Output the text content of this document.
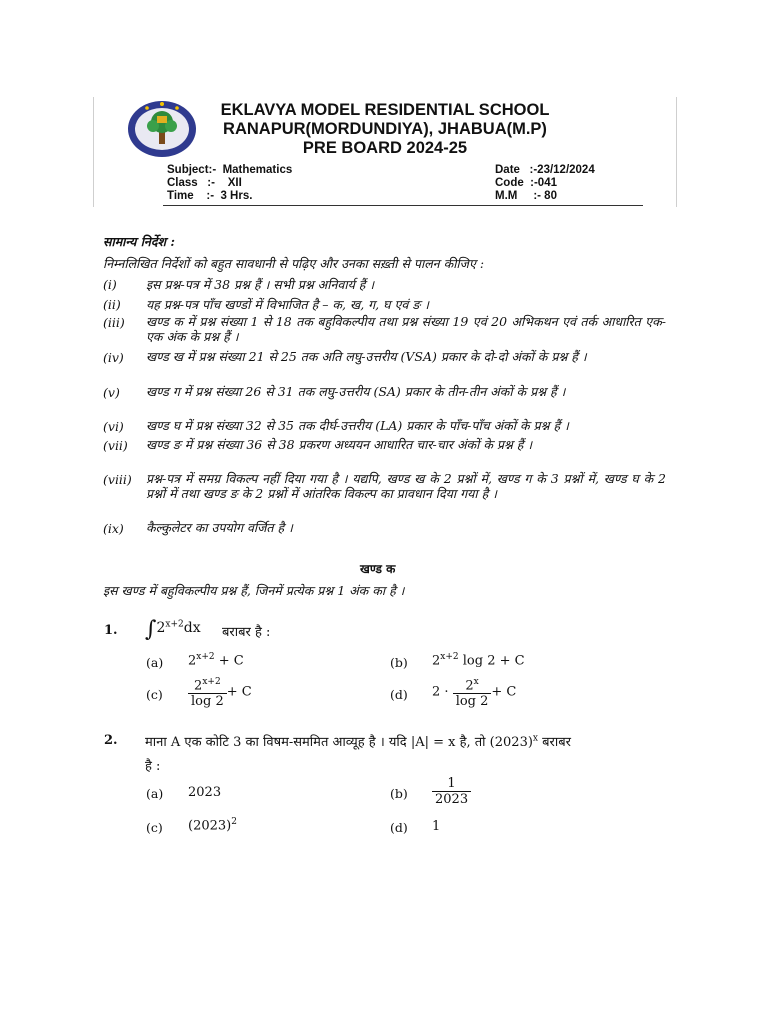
EKLAVYA MODEL RESIDENTIAL SCHOOL
RANAPUR(MORDUNDIYA), JHABUA(M.P)
PRE BOARD 2024-25
Subject:-  Mathematics
Class   :-    XII
Time    :-  3 Hrs.
Date   :-23/12/2024
Code  :-041
M.M     :- 80
सामान्य निर्देश :
निम्नलिखित निर्देशों को बहुत सावधानी से पढ़िए और उनका सख़्ती से पालन कीजिए :
(i) इस प्रश्न-पत्र में 38 प्रश्न हैं । सभी प्रश्न अनिवार्य हैं ।
(ii) यह प्रश्न-पत्र पाँच खण्डों में विभाजित है – क, ख, ग, घ एवं ङ ।
(iii) खण्ड क में प्रश्न संख्या 1 से 18 तक बहुविकल्पीय तथा प्रश्न संख्या 19 एवं 20 अभिकथन एवं तर्क आधारित एक-एक अंक के प्रश्न हैं ।
(iv) खण्ड ख में प्रश्न संख्या 21 से 25 तक अति लघु-उत्तरीय (VSA) प्रकार के दो-दो अंकों के प्रश्न हैं ।
(v) खण्ड ग में प्रश्न संख्या 26 से 31 तक लघु-उत्तरीय (SA) प्रकार के तीन-तीन अंकों के प्रश्न हैं ।
(vi) खण्ड घ में प्रश्न संख्या 32 से 35 तक दीर्घ-उत्तरीय (LA) प्रकार के पाँच-पाँच अंकों के प्रश्न हैं ।
(vii) खण्ड ङ में प्रश्न संख्या 36 से 38 प्रकरण अध्ययन आधारित चार-चार अंकों के प्रश्न हैं ।
(viii) प्रश्न-पत्र में समग्र विकल्प नहीं दिया गया है । यद्यपि, खण्ड ख के 2 प्रश्नों में, खण्ड ग के 3 प्रश्नों में, खण्ड घ के 2 प्रश्नों में तथा खण्ड ङ के 2 प्रश्नों में आंतरिक विकल्प का प्रावधान दिया गया है ।
(ix) कैल्कुलेटर का उपयोग वर्जित है ।
खण्ड क
इस खण्ड में बहुविकल्पीय प्रश्न हैं, जिनमें प्रत्येक प्रश्न 1 अंक का है ।
1. $\int 2^{x+2}dx$ बराबर है :
(a) $2^{x+2} + C$	(b) $2^{x+2}$ log 2 + C
$(c) \frac{2^{x+2}}{\log 2} + C$	(d) $2 \cdot \frac{2^x}{\log 2} + C$
2. माना A एक कोटि 3 का विषम-सममित आव्यूह है । यदि |A| = x है, तो $(2023)^x$ बराबर
है :
(a) 2023	$(b) \frac{1}{2023}$
(c) $(2023)^2$	(d) 1
